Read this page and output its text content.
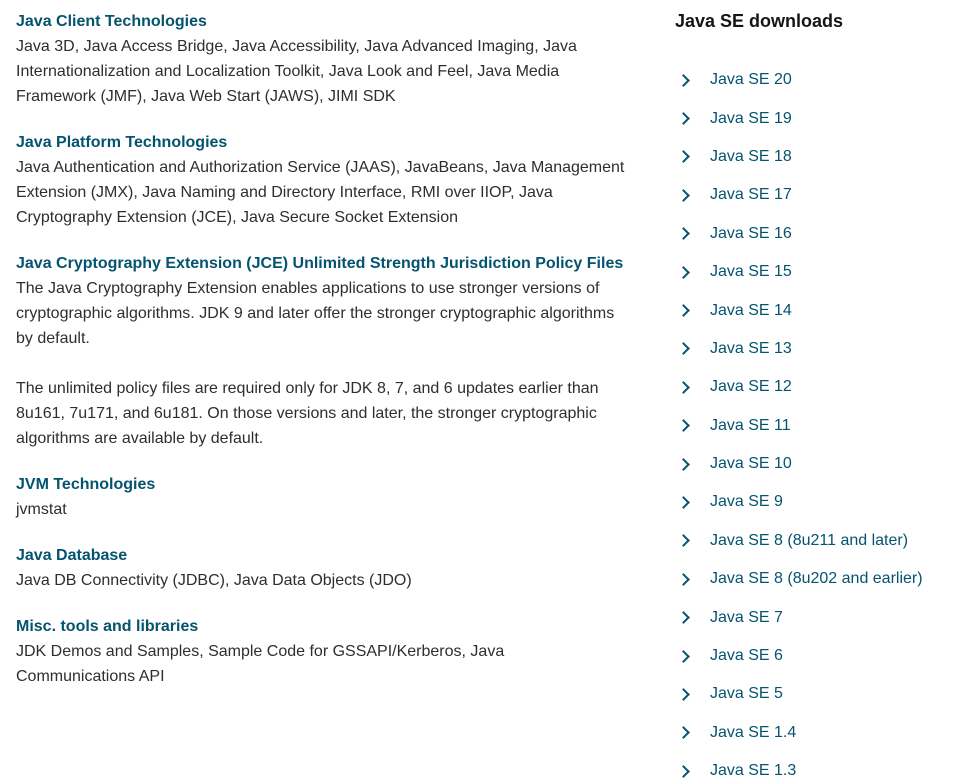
Java Client Technologies

Java 3D, Java Access Bridge, Java Accessibility, Java Advanced Imaging, Java Internationalization and Localization Toolkit, Java Look and Feel, Java Media Framework (JMF), Java Web Start (JAWS), JIMI SDK

Java Platform Technologies

Java Authentication and Authorization Service (JAAS), JavaBeans, Java Management Extension (JMX), Java Naming and Directory Interface, RMI over IIOP, Java Cryptography Extension (JCE), Java Secure Socket Extension

Java Cryptography Extension (JCE) Unlimited Strength Jurisdiction Policy Files

The Java Cryptography Extension enables applications to use stronger versions of cryptographic algorithms. JDK 9 and later offer the stronger cryptographic algorithms by default.

The unlimited policy files are required only for JDK 8, 7, and 6 updates earlier than 8u161, 7u171, and 6u181. On those versions and later, the stronger cryptographic algorithms are available by default.

JVM Technologies

jvmstat

Java Database

Java DB Connectivity (JDBC), Java Data Objects (JDO)

Misc. tools and libraries

JDK Demos and Samples, Sample Code for GSSAPI/Kerberos, Java Communications API

Java SE downloads
Java SE 20
Java SE 19
Java SE 18
Java SE 17
Java SE 16
Java SE 15
Java SE 14
Java SE 13
Java SE 12
Java SE 11
Java SE 10
Java SE 9
Java SE 8 (8u211 and later)
Java SE 8 (8u202 and earlier)
Java SE 7
Java SE 6
Java SE 5
Java SE 1.4
Java SE 1.3
